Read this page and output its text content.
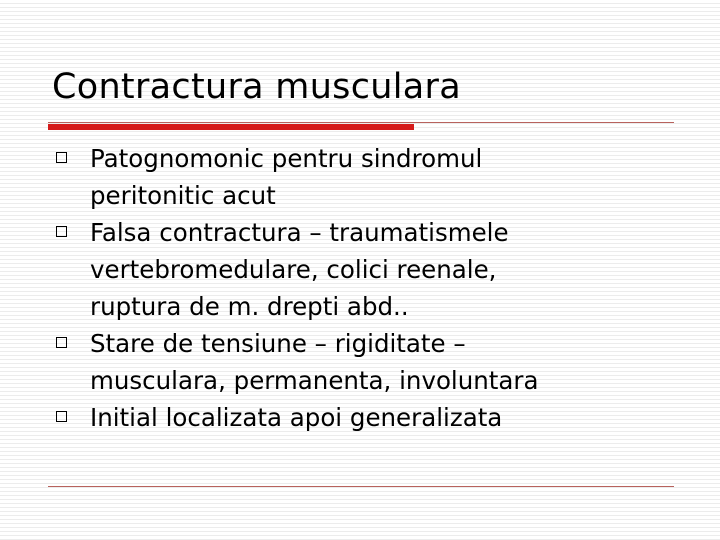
Contractura musculara
Patognomonic pentru sindromul
peritonitic acut
Falsa contractura – traumatismele
vertebromedulare, colici reenale,
ruptura de m. drepti abd..
Stare de tensiune – rigiditate –
musculara, permanenta, involuntara
Initial localizata apoi generalizata
